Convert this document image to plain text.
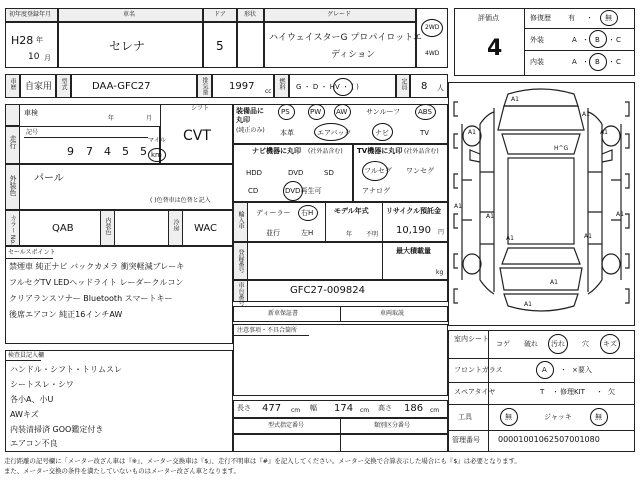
初年度登録年月
H28 年
10 月
車名
セレナ
ドア
5
形状	グレード
ハイウェイスターG プロパイロットエ
ディション
2WD
4WD
車歴 自家用 型式	DAA-GFC27	排気量 1997 cc
燃料 G ・ D ・ HV ・ ( )	定員 8 人
車検
年	月
シフト
CVT
走行
記号
9 7 4 5 5
マイル
km
外装色 パール
( )色替車は色替と記入
カラー No.	QAB	内装色	冷房 WAC
セールスポイント
禁煙車 純正ナビ バックカメラ 衝突軽減ブレーキ
フルセグTV LEDヘッドライト レーダークルコン
クリアランスソナー Bluetooth スマートキー
後席エアコン 純正16インチAW
検査員記入欄
ハンドル・シフト・トリムスレ
シートスレ・シワ
各小A、小U
AWキズ
内装清掃済 GOO鑑定付き
エアコン不良
装備品に
丸印
(純正のみ)
PS	PW AW	サンルーフ	ABS
本革	エアバック	ナビ	TV
ナビ機器に丸印 (社外品含む)
HDD	DVD	SD
CD	DVD再生可
TV機器に丸印 (社外品含む)
フルセグ ワンセグ
アナログ
輸入車 ディーラー 右H
並行	左H
モデル年式
年 不明
リサイクル預託金
10,190 円
登録番号	最大積載量
kg
車台番号	GFC27-009824
新車保証書	車両取説
注意事項・不具合箇所
長さ 477 cm 幅 174 cm 高さ 186 cm
型式指定番号	類別区分番号
評価点
4
修復歴 有 ・ 無
外装	A ・ B ・ C
内装	A ・ B ・ C
A1
A1
A1	A1
H^G
A1
A1	A1
A1	A1
A1
A1
室内シート
コゲ 破れ 汚れ 穴 キズ
フロントガラス	A ・ ×要入
スペアタイヤ	T ・ 修理KIT ・ 欠
工具	無	ジャッキ	無
管理番号 00001001062507001080
走行距離の記号欄に「メーター改ざん車は『※』、メーター交換車は『$』、走行不明車は『#』を記入してください。メーター交換で合算表示した場合にも『$』は必要となります。
また、メーター交換の条件を満たしていないものはメーター改ざん車となります。
